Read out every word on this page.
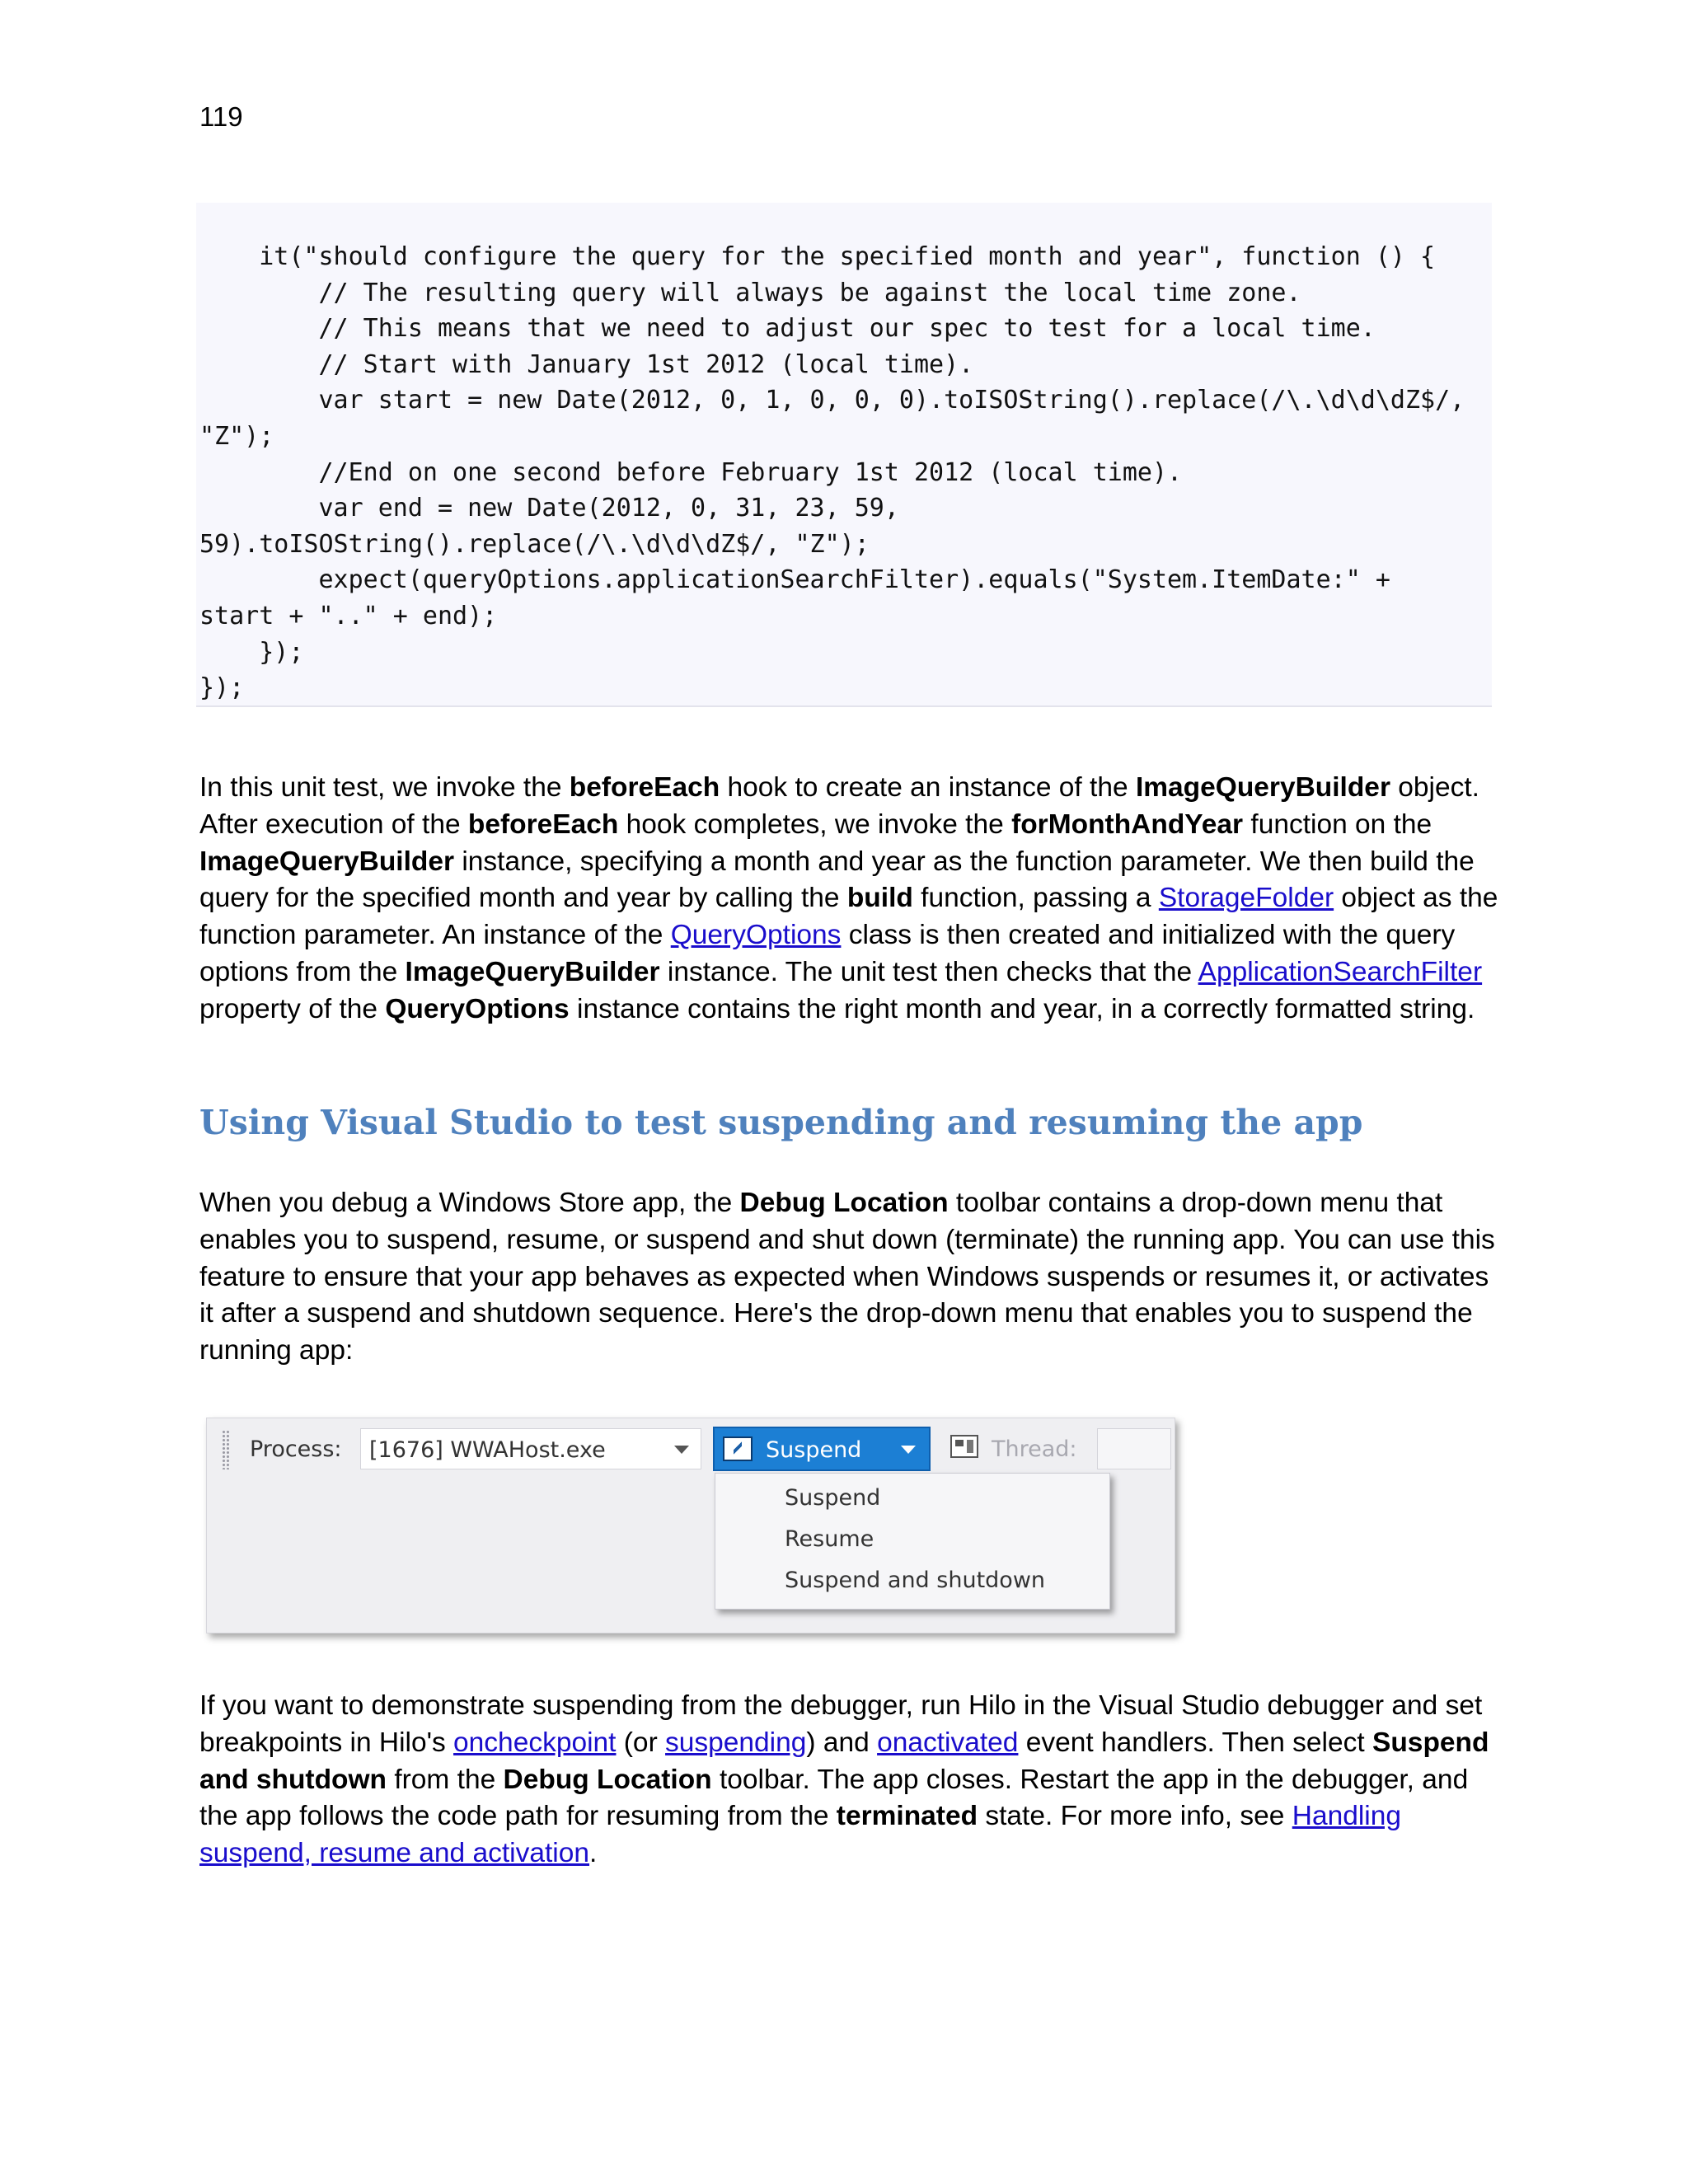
119
it("should configure the query for the specified month and year", function () {
// The resulting query will always be against the local time zone.
// This means that we need to adjust our spec to test for a local time.
// Start with January 1st 2012 (local time).
var start = new Date(2012, 0, 1, 0, 0, 0).toISOString().replace(/\.\d\d\dZ$/,
"Z");
//End on one second before February 1st 2012 (local time).
var end = new Date(2012, 0, 31, 23, 59,
59).toISOString().replace(/\.\d\d\dZ$/, "Z");
expect(queryOptions.applicationSearchFilter).equals("System.ItemDate:" +
start + ".." + end);
});
});

In this unit test, we invoke the beforeEach hook to create an instance of the ImageQueryBuilder object. After execution of the beforeEach hook completes, we invoke the forMonthAndYear function on the ImageQueryBuilder instance, specifying a month and year as the function parameter. We then build the query for the specified month and year by calling the build function, passing a StorageFolder object as the function parameter. An instance of the QueryOptions class is then created and initialized with the query options from the ImageQueryBuilder instance. The unit test then checks that the ApplicationSearchFilter property of the QueryOptions instance contains the right month and year, in a correctly formatted string.

Using Visual Studio to test suspending and resuming the app

When you debug a Windows Store app, the Debug Location toolbar contains a drop-down menu that enables you to suspend, resume, or suspend and shut down (terminate) the running app. You can use this feature to ensure that your app behaves as expected when Windows suspends or resumes it, or activates it after a suspend and shutdown sequence. Here's the drop-down menu that enables you to suspend the running app:

Process: [1676] WWAHost.exe	Suspend	Thread:
Suspend
Resume
Suspend and shutdown

If you want to demonstrate suspending from the debugger, run Hilo in the Visual Studio debugger and set breakpoints in Hilo's oncheckpoint (or suspending) and onactivated event handlers. Then select Suspend and shutdown from the Debug Location toolbar. The app closes. Restart the app in the debugger, and the app follows the code path for resuming from the terminated state. For more info, see Handling suspend, resume and activation.
